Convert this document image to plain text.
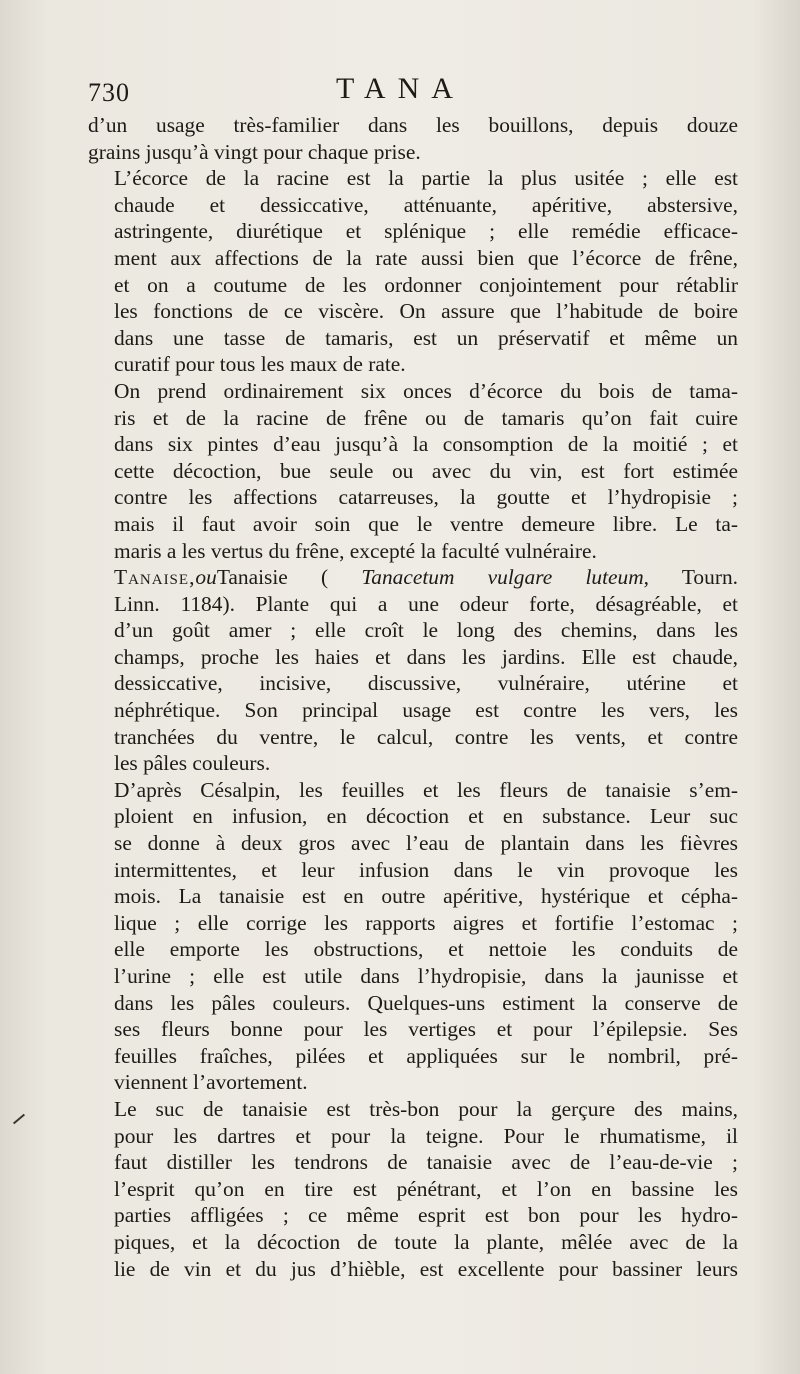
730	TANA

d’un usage très-familier dans les bouillons, depuis douze
grains jusqu’à vingt pour chaque prise.

L’écorce de la racine est la partie la plus usitée ; elle est
chaude et dessiccative, atténuante, apéritive, abstersive,
astringente, diurétique et splénique ; elle remédie efficace-
ment aux affections de la rate aussi bien que l’écorce de frêne,
et on a coutume de les ordonner conjointement pour rétablir
les fonctions de ce viscère. On assure que l’habitude de boire
dans une tasse de tamaris, est un préservatif et même un
curatif pour tous les maux de rate.

On prend ordinairement six onces d’écorce du bois de tama-
ris et de la racine de frêne ou de tamaris qu’on fait cuire
dans six pintes d’eau jusqu’à la consomption de la moitié ; et
cette décoction, bue seule ou avec du vin, est fort estimée
contre les affections catarreuses, la goutte et l’hydropisie ;
mais il faut avoir soin que le ventre demeure libre. Le ta-
maris a les vertus du frêne, excepté la faculté vulnéraire.

Tanaise,ouTanaisie ( Tanacetum vulgare luteum, Tourn.
Linn. 1184). Plante qui a une odeur forte, désagréable, et
d’un goût amer ; elle croît le long des chemins, dans les
champs, proche les haies et dans les jardins. Elle est chaude,
dessiccative, incisive, discussive, vulnéraire, utérine et
néphrétique. Son principal usage est contre les vers, les
tranchées du ventre, le calcul, contre les vents, et contre
les pâles couleurs.

D’après Césalpin, les feuilles et les fleurs de tanaisie s’em-
ploient en infusion, en décoction et en substance. Leur suc
se donne à deux gros avec l’eau de plantain dans les fièvres
intermittentes, et leur infusion dans le vin provoque les
mois. La tanaisie est en outre apéritive, hystérique et cépha-
lique ; elle corrige les rapports aigres et fortifie l’estomac ;
elle emporte les obstructions, et nettoie les conduits de
l’urine ; elle est utile dans l’hydropisie, dans la jaunisse et
dans les pâles couleurs. Quelques-uns estiment la conserve de
ses fleurs bonne pour les vertiges et pour l’épilepsie. Ses
feuilles fraîches, pilées et appliquées sur le nombril, pré-
viennent l’avortement.

Le suc de tanaisie est très-bon pour la gerçure des mains,
pour les dartres et pour la teigne. Pour le rhumatisme, il
faut distiller les tendrons de tanaisie avec de l’eau-de-vie ;
l’esprit qu’on en tire est pénétrant, et l’on en bassine les
parties affligées ; ce même esprit est bon pour les hydro-
piques, et la décoction de toute la plante, mêlée avec de la
lie de vin et du jus d’hièble, est excellente pour bassiner leurs
